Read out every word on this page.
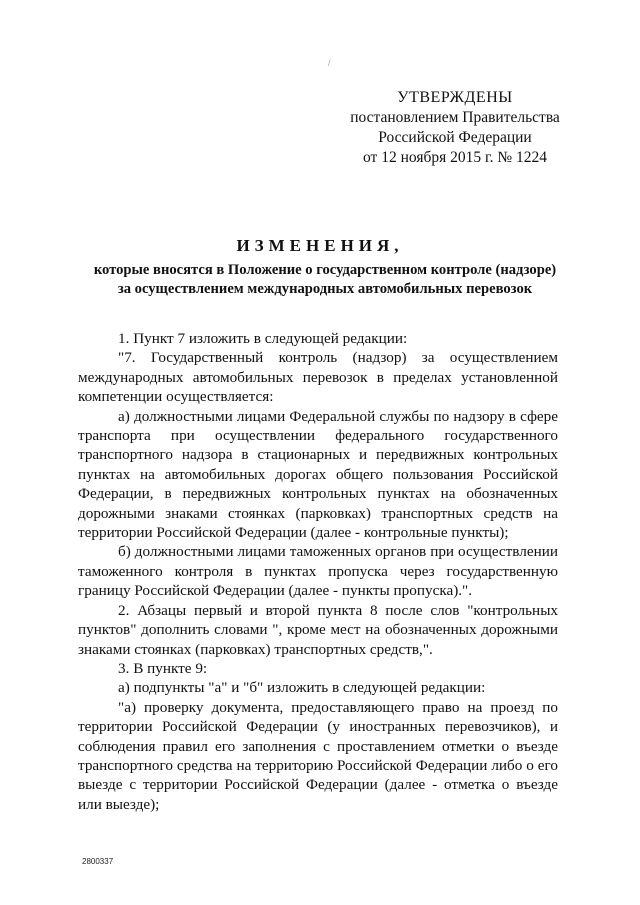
/
УТВЕРЖДЕНЫ
постановлением Правительства
Российской Федерации
от 12 ноября 2015 г. № 1224
ИЗМЕНЕНИЯ,
которые вносятся в Положение о государственном контроле (надзоре)
за осуществлением международных автомобильных перевозок

1. Пункт 7 изложить в следующей редакции:

"7. Государственный контроль (надзор) за осуществлением международных автомобильных перевозок в пределах установленной компетенции осуществляется:

а) должностными лицами Федеральной службы по надзору в сфере транспорта при осуществлении федерального государственного транспортного надзора в стационарных и передвижных контрольных пунктах на автомобильных дорогах общего пользования Российской Федерации, в передвижных контрольных пунктах на обозначенных дорожными знаками стоянках (парковках) транспортных средств на территории Российской Федерации (далее - контрольные пункты);

б) должностными лицами таможенных органов при осуществлении таможенного контроля в пунктах пропуска через государственную границу Российской Федерации (далее - пункты пропуска).".

2. Абзацы первый и второй пункта 8 после слов "контрольных пунктов" дополнить словами ", кроме мест на обозначенных дорожными знаками стоянках (парковках) транспортных средств,".

3. В пункте 9:

а) подпункты "а" и "б" изложить в следующей редакции:

"а) проверку документа, предоставляющего право на проезд по территории Российской Федерации (у иностранных перевозчиков), и соблюдения правил его заполнения с проставлением отметки о въезде транспортного средства на территорию Российской Федерации либо о его выезде с территории Российской Федерации (далее - отметка о въезде или выезде);

2800337
